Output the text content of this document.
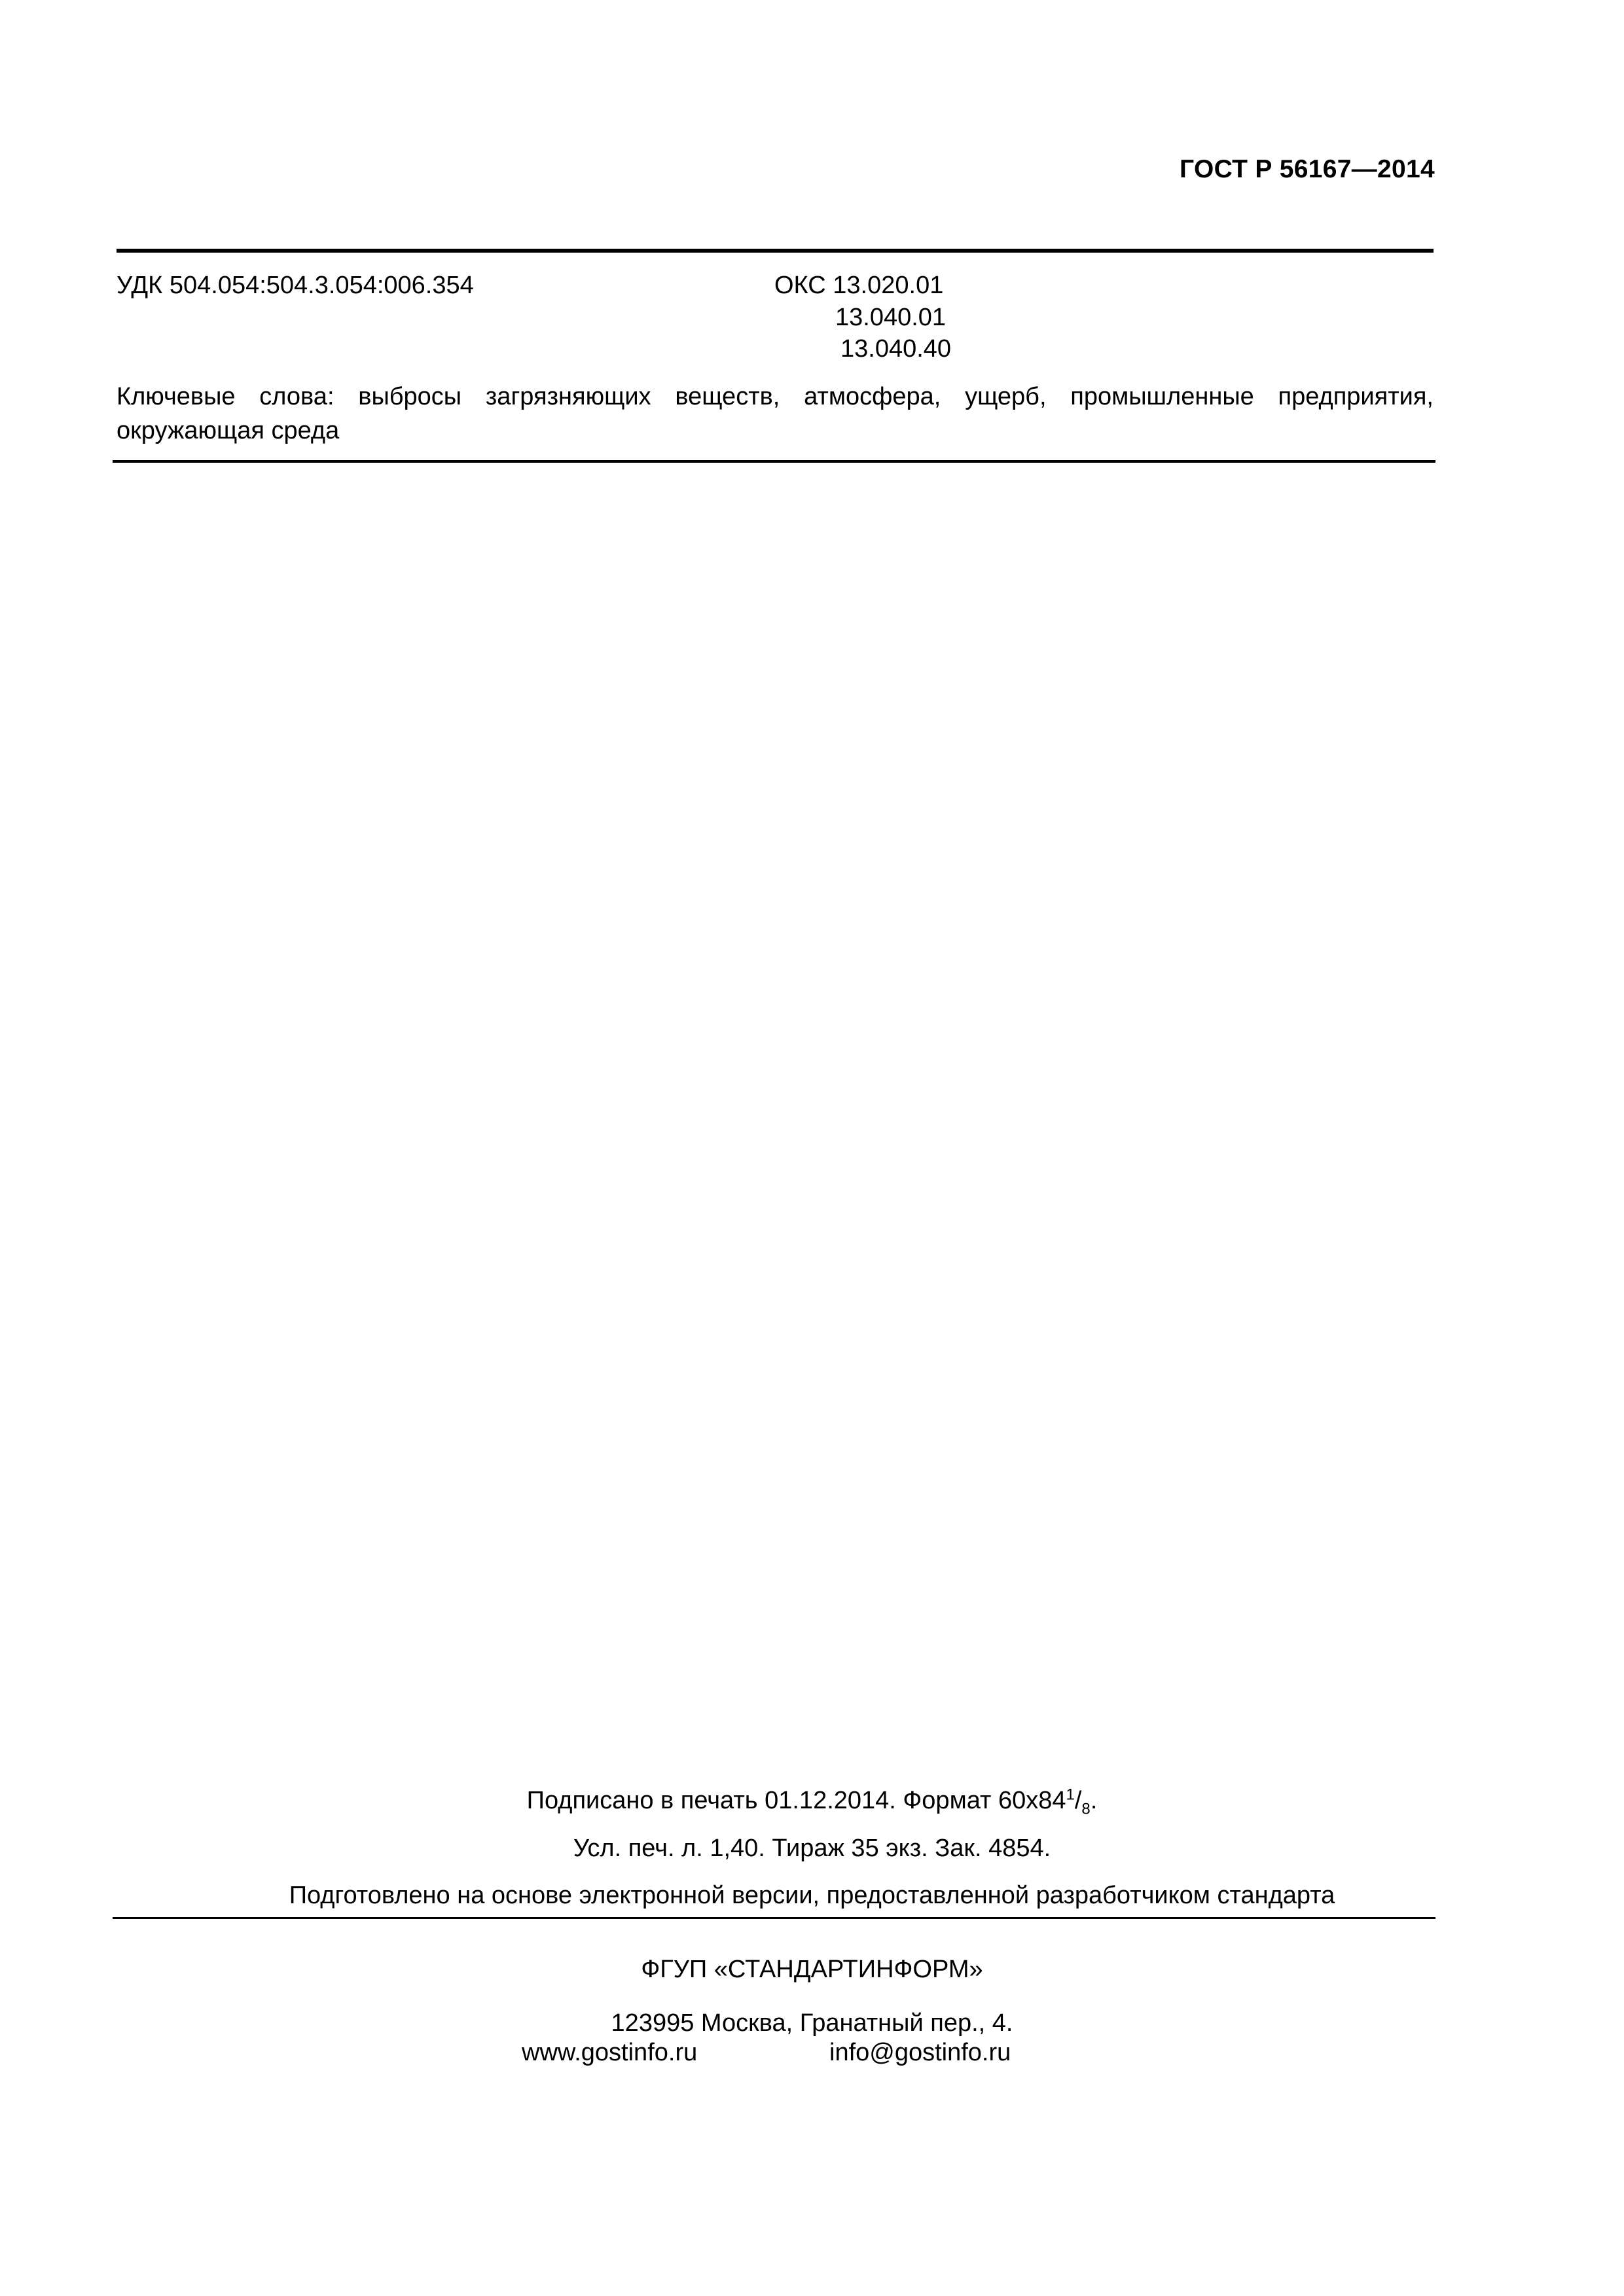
ГОСТ Р 56167—2014
УДК 504.054:504.3.054:006.354	ОКС 13.020.01
13.040.01
13.040.40
Ключевые слова: выбросы загрязняющих веществ, атмосфера, ущерб, промышленные предприятия, окружающая среда
Подписано в печать 01.12.2014. Формат $60x84^1/_8$.
Усл. печ. л. 1,40. Тираж 35 экз. Зак. 4854.
Подготовлено на основе электронной версии, предоставленной разработчиком стандарта
ФГУП «СТАНДАРТИНФОРМ»
123995 Москва, Гранатный пер., 4.
www.gostinfo.ru	info@gostinfo.ru
